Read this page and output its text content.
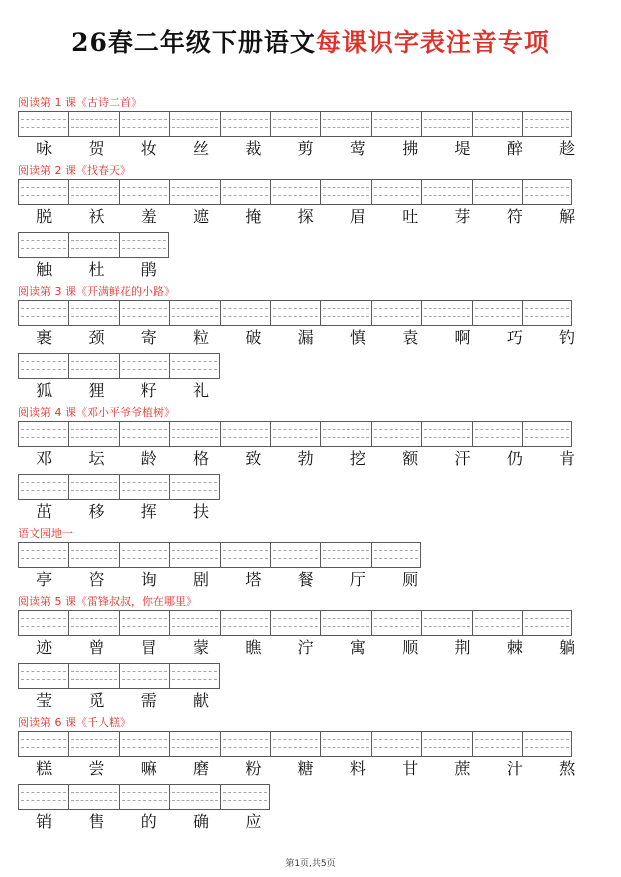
26春二年级下册语文每课识字表注音专项
阅读第 1 课《古诗二首》
咏	贺	妆	丝	裁	剪	莺	拂	堤	醉	趁
阅读第 2 课《找春天》
脱	袄	羞	遮	掩	探	眉	吐	芽	符	解
触	杜	鹃
阅读第 3 课《开满鲜花的小路》
裹	颈	寄	粒	破	漏	慎	袁	啊	巧	钓
狐	狸	籽	礼
阅读第 4 课《邓小平爷爷植树》
邓	坛	龄	格	致	勃	挖	额	汗	仍	肯
茁	移	挥	扶
语文园地一
亭	咨	询	剧	塔	餐	厅	厕
阅读第 5 课《雷锋叔叔，你在哪里》
迹	曾	冒	蒙	瞧	泞	寓	顺	荆	棘	躺
莹	觅	需	献
阅读第 6 课《千人糕》
糕	尝	嘛	磨	粉	糖	料	甘	蔗	汁	熬
销	售	的	确	应
第1页,共5页
